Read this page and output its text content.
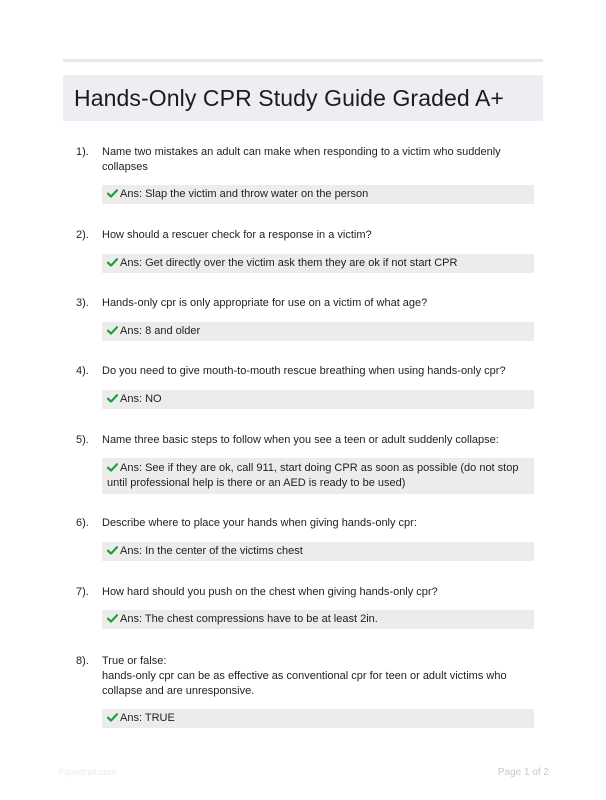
Hands-Only CPR Study Guide Graded A+
1). Name two mistakes an adult can make when responding to a victim who suddenly collapses
Ans: Slap the victim and throw water on the person
2). How should a rescuer check for a response in a victim?
Ans: Get directly over the victim ask them they are ok if not start CPR
3). Hands-only cpr is only appropriate for use on a victim of what age?
Ans: 8 and older
4). Do you need to give mouth-to-mouth rescue breathing when using hands-only cpr?
Ans: NO
5). Name three basic steps to follow when you see a teen or adult suddenly collapse:
Ans: See if they are ok, call 911, start doing CPR as soon as possible (do not stop until professional help is there or an AED is ready to be used)
6). Describe where to place your hands when giving hands-only cpr:
Ans: In the center of the victims chest
7). How hard should you push on the chest when giving hands-only cpr?
Ans: The chest compressions have to be at least 2in.
8). True or false:
hands-only cpr can be as effective as conventional cpr for teen or adult victims who collapse and are unresponsive.
Ans: TRUE
Papertrail.com	Page 1 of 2
